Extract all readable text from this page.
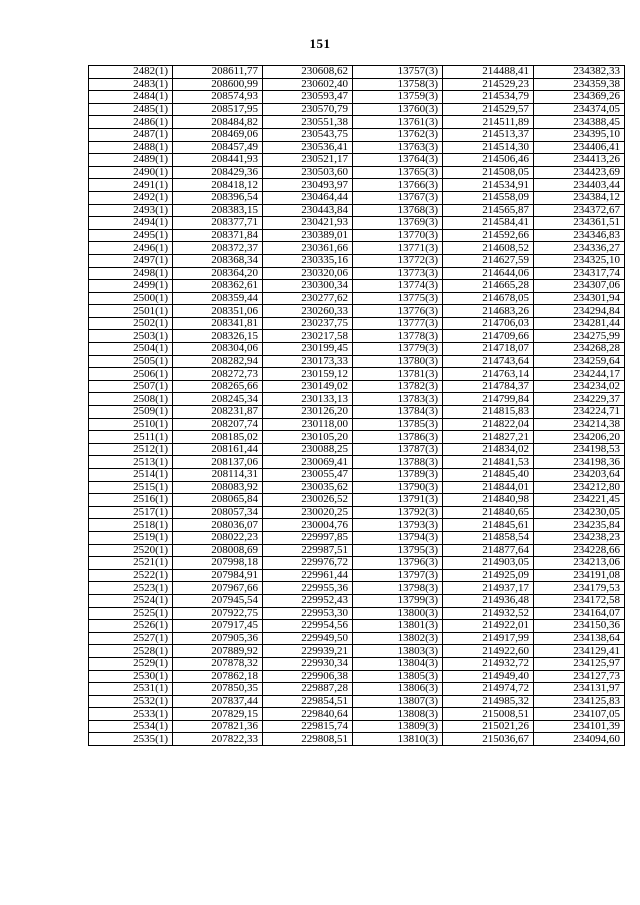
151
2482(1)	208611,77	230608,62	13757(3)	214488,41	234382,33
2483(1)	208600,99	230602,40	13758(3)	214529,23	234359,38
2484(1)	208574,93	230593,47	13759(3)	214534,79	234369,26
2485(1)	208517,95	230570,79	13760(3)	214529,57	234374,05
2486(1)	208484,82	230551,38	13761(3)	214511,89	234388,45
2487(1)	208469,06	230543,75	13762(3)	214513,37	234395,10
2488(1)	208457,49	230536,41	13763(3)	214514,30	234406,41
2489(1)	208441,93	230521,17	13764(3)	214506,46	234413,26
2490(1)	208429,36	230503,60	13765(3)	214508,05	234423,69
2491(1)	208418,12	230493,97	13766(3)	214534,91	234403,44
2492(1)	208396,54	230464,44	13767(3)	214558,09	234384,12
2493(1)	208383,15	230443,84	13768(3)	214565,87	234372,67
2494(1)	208377,71	230421,93	13769(3)	214584,41	234361,51
2495(1)	208371,84	230389,01	13770(3)	214592,66	234346,83
2496(1)	208372,37	230361,66	13771(3)	214608,52	234336,27
2497(1)	208368,34	230335,16	13772(3)	214627,59	234325,10
2498(1)	208364,20	230320,06	13773(3)	214644,06	234317,74
2499(1)	208362,61	230300,34	13774(3)	214665,28	234307,06
2500(1)	208359,44	230277,62	13775(3)	214678,05	234301,94
2501(1)	208351,06	230260,33	13776(3)	214683,26	234294,84
2502(1)	208341,81	230237,75	13777(3)	214706,03	234281,44
2503(1)	208326,15	230217,58	13778(3)	214709,66	234275,99
2504(1)	208304,06	230199,45	13779(3)	214718,07	234268,28
2505(1)	208282,94	230173,33	13780(3)	214743,64	234259,64
2506(1)	208272,73	230159,12	13781(3)	214763,14	234244,17
2507(1)	208265,66	230149,02	13782(3)	214784,37	234234,02
2508(1)	208245,34	230133,13	13783(3)	214799,84	234229,37
2509(1)	208231,87	230126,20	13784(3)	214815,83	234224,71
2510(1)	208207,74	230118,00	13785(3)	214822,04	234214,38
2511(1)	208185,02	230105,20	13786(3)	214827,21	234206,20
2512(1)	208161,44	230088,25	13787(3)	214834,02	234198,53
2513(1)	208137,06	230069,41	13788(3)	214841,53	234198,36
2514(1)	208114,31	230055,47	13789(3)	214845,40	234203,64
2515(1)	208083,92	230035,62	13790(3)	214844,01	234212,80
2516(1)	208065,84	230026,52	13791(3)	214840,98	234221,45
2517(1)	208057,34	230020,25	13792(3)	214840,65	234230,05
2518(1)	208036,07	230004,76	13793(3)	214845,61	234235,84
2519(1)	208022,23	229997,85	13794(3)	214858,54	234238,23
2520(1)	208008,69	229987,51	13795(3)	214877,64	234228,66
2521(1)	207998,18	229976,72	13796(3)	214903,05	234213,06
2522(1)	207984,91	229961,44	13797(3)	214925,09	234191,08
2523(1)	207967,66	229955,36	13798(3)	214937,17	234179,53
2524(1)	207945,54	229952,43	13799(3)	214936,48	234172,58
2525(1)	207922,75	229953,30	13800(3)	214932,52	234164,07
2526(1)	207917,45	229954,56	13801(3)	214922,01	234150,36
2527(1)	207905,36	229949,50	13802(3)	214917,99	234138,64
2528(1)	207889,92	229939,21	13803(3)	214922,60	234129,41
2529(1)	207878,32	229930,34	13804(3)	214932,72	234125,97
2530(1)	207862,18	229906,38	13805(3)	214949,40	234127,73
2531(1)	207850,35	229887,28	13806(3)	214974,72	234131,97
2532(1)	207837,44	229854,51	13807(3)	214985,32	234125,83
2533(1)	207829,15	229840,64	13808(3)	215008,51	234107,05
2534(1)	207821,36	229815,74	13809(3)	215021,26	234101,39
2535(1)	207822,33	229808,51	13810(3)	215036,67	234094,60
